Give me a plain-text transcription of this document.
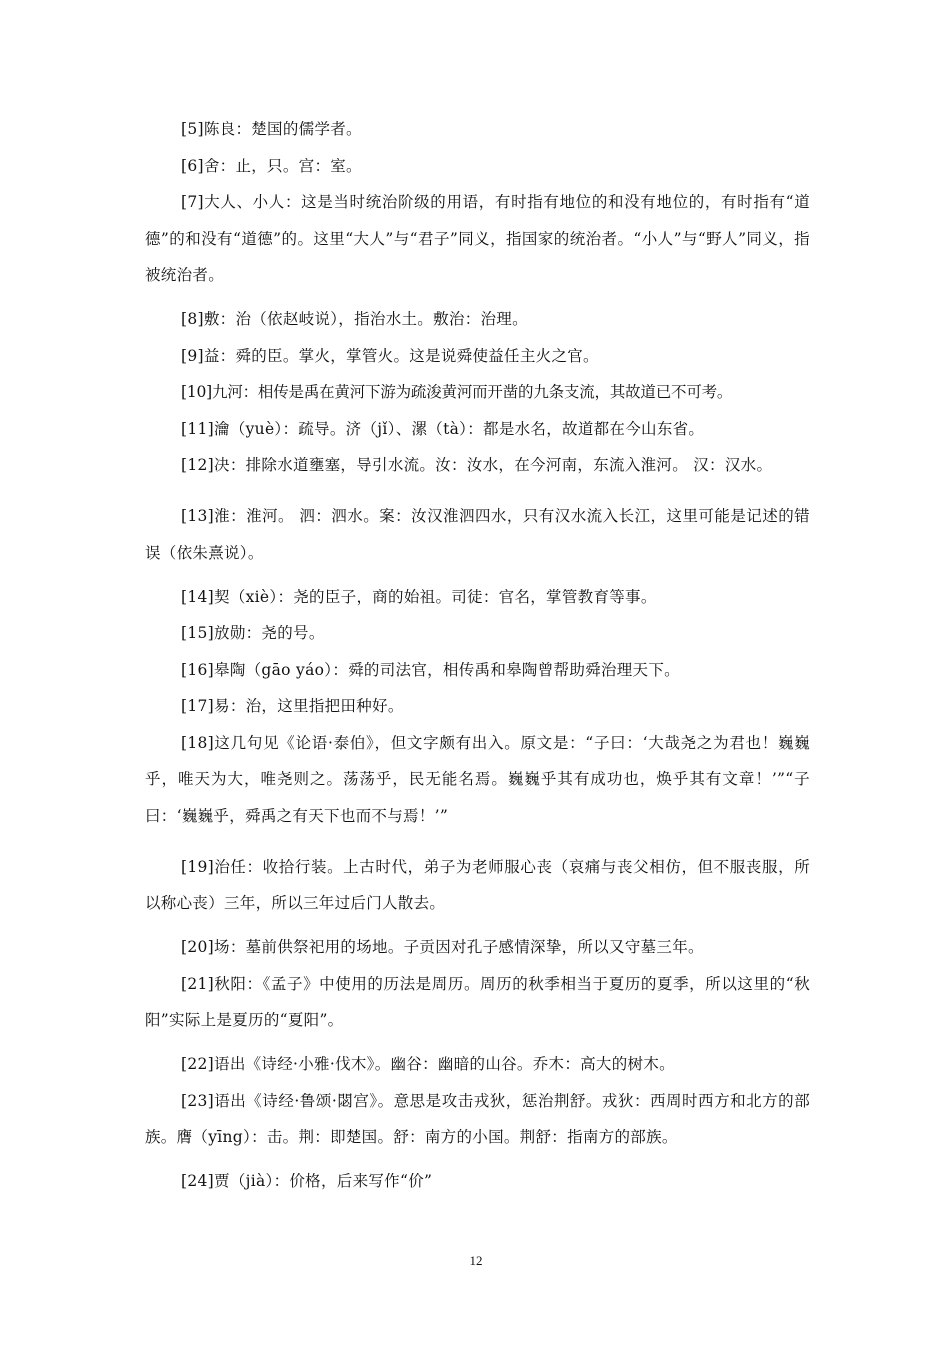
[5]陈良：楚国的儒学者。

[6]舍：止，只。宫：室。

[7]大人、小人：这是当时统治阶级的用语，有时指有地位的和没有地位的，有时指有“道德”的和没有“道德”的。这里“大人”与“君子”同义，指国家的统治者。“小人”与“野人”同义，指被统治者。

[8]敷：治（依赵岐说），指治水土。敷治：治理。

[9]益：舜的臣。掌火，掌管火。这是说舜使益任主火之官。

[10]九河：相传是禹在黄河下游为疏浚黄河而开凿的九条支流，其故道已不可考。

[11]瀹（yuè）：疏导。济（jǐ）、漯（tà）：都是水名，故道都在今山东省。

[12]决：排除水道壅塞，导引水流。汝：汝水，在今河南，东流入淮河。 汉：汉水。

[13]淮：淮河。 泗：泗水。案：汝汉淮泗四水，只有汉水流入长江，这里可能是记述的错误（依朱熹说）。

[14]契（xiè）：尧的臣子，商的始祖。司徒：官名，掌管教育等事。

[15]放勋：尧的号。

[16]皋陶（gāo yáo）：舜的司法官，相传禹和皋陶曾帮助舜治理天下。

[17]易：治，这里指把田种好。

[18]这几句见《论语·泰伯》，但文字颇有出入。原文是：“子曰：‘大哉尧之为君也！巍巍乎，唯天为大，唯尧则之。荡荡乎，民无能名焉。巍巍乎其有成功也，焕乎其有文章！’”“子曰：‘巍巍乎，舜禹之有天下也而不与焉！’”

[19]治任：收拾行装。上古时代，弟子为老师服心丧（哀痛与丧父相仿，但不服丧服，所以称心丧）三年，所以三年过后门人散去。

[20]场：墓前供祭祀用的场地。子贡因对孔子感情深挚，所以又守墓三年。

[21]秋阳：《孟子》中使用的历法是周历。周历的秋季相当于夏历的夏季，所以这里的“秋阳”实际上是夏历的“夏阳”。

[22]语出《诗经·小雅·伐木》。幽谷：幽暗的山谷。乔木：高大的树木。

[23]语出《诗经·鲁颂·閟宫》。意思是攻击戎狄，惩治荆舒。戎狄：西周时西方和北方的部族。膺（yīng）：击。荆：即楚国。舒：南方的小国。荆舒：指南方的部族。

[24]贾（jià）：价格，后来写作“价”

12
